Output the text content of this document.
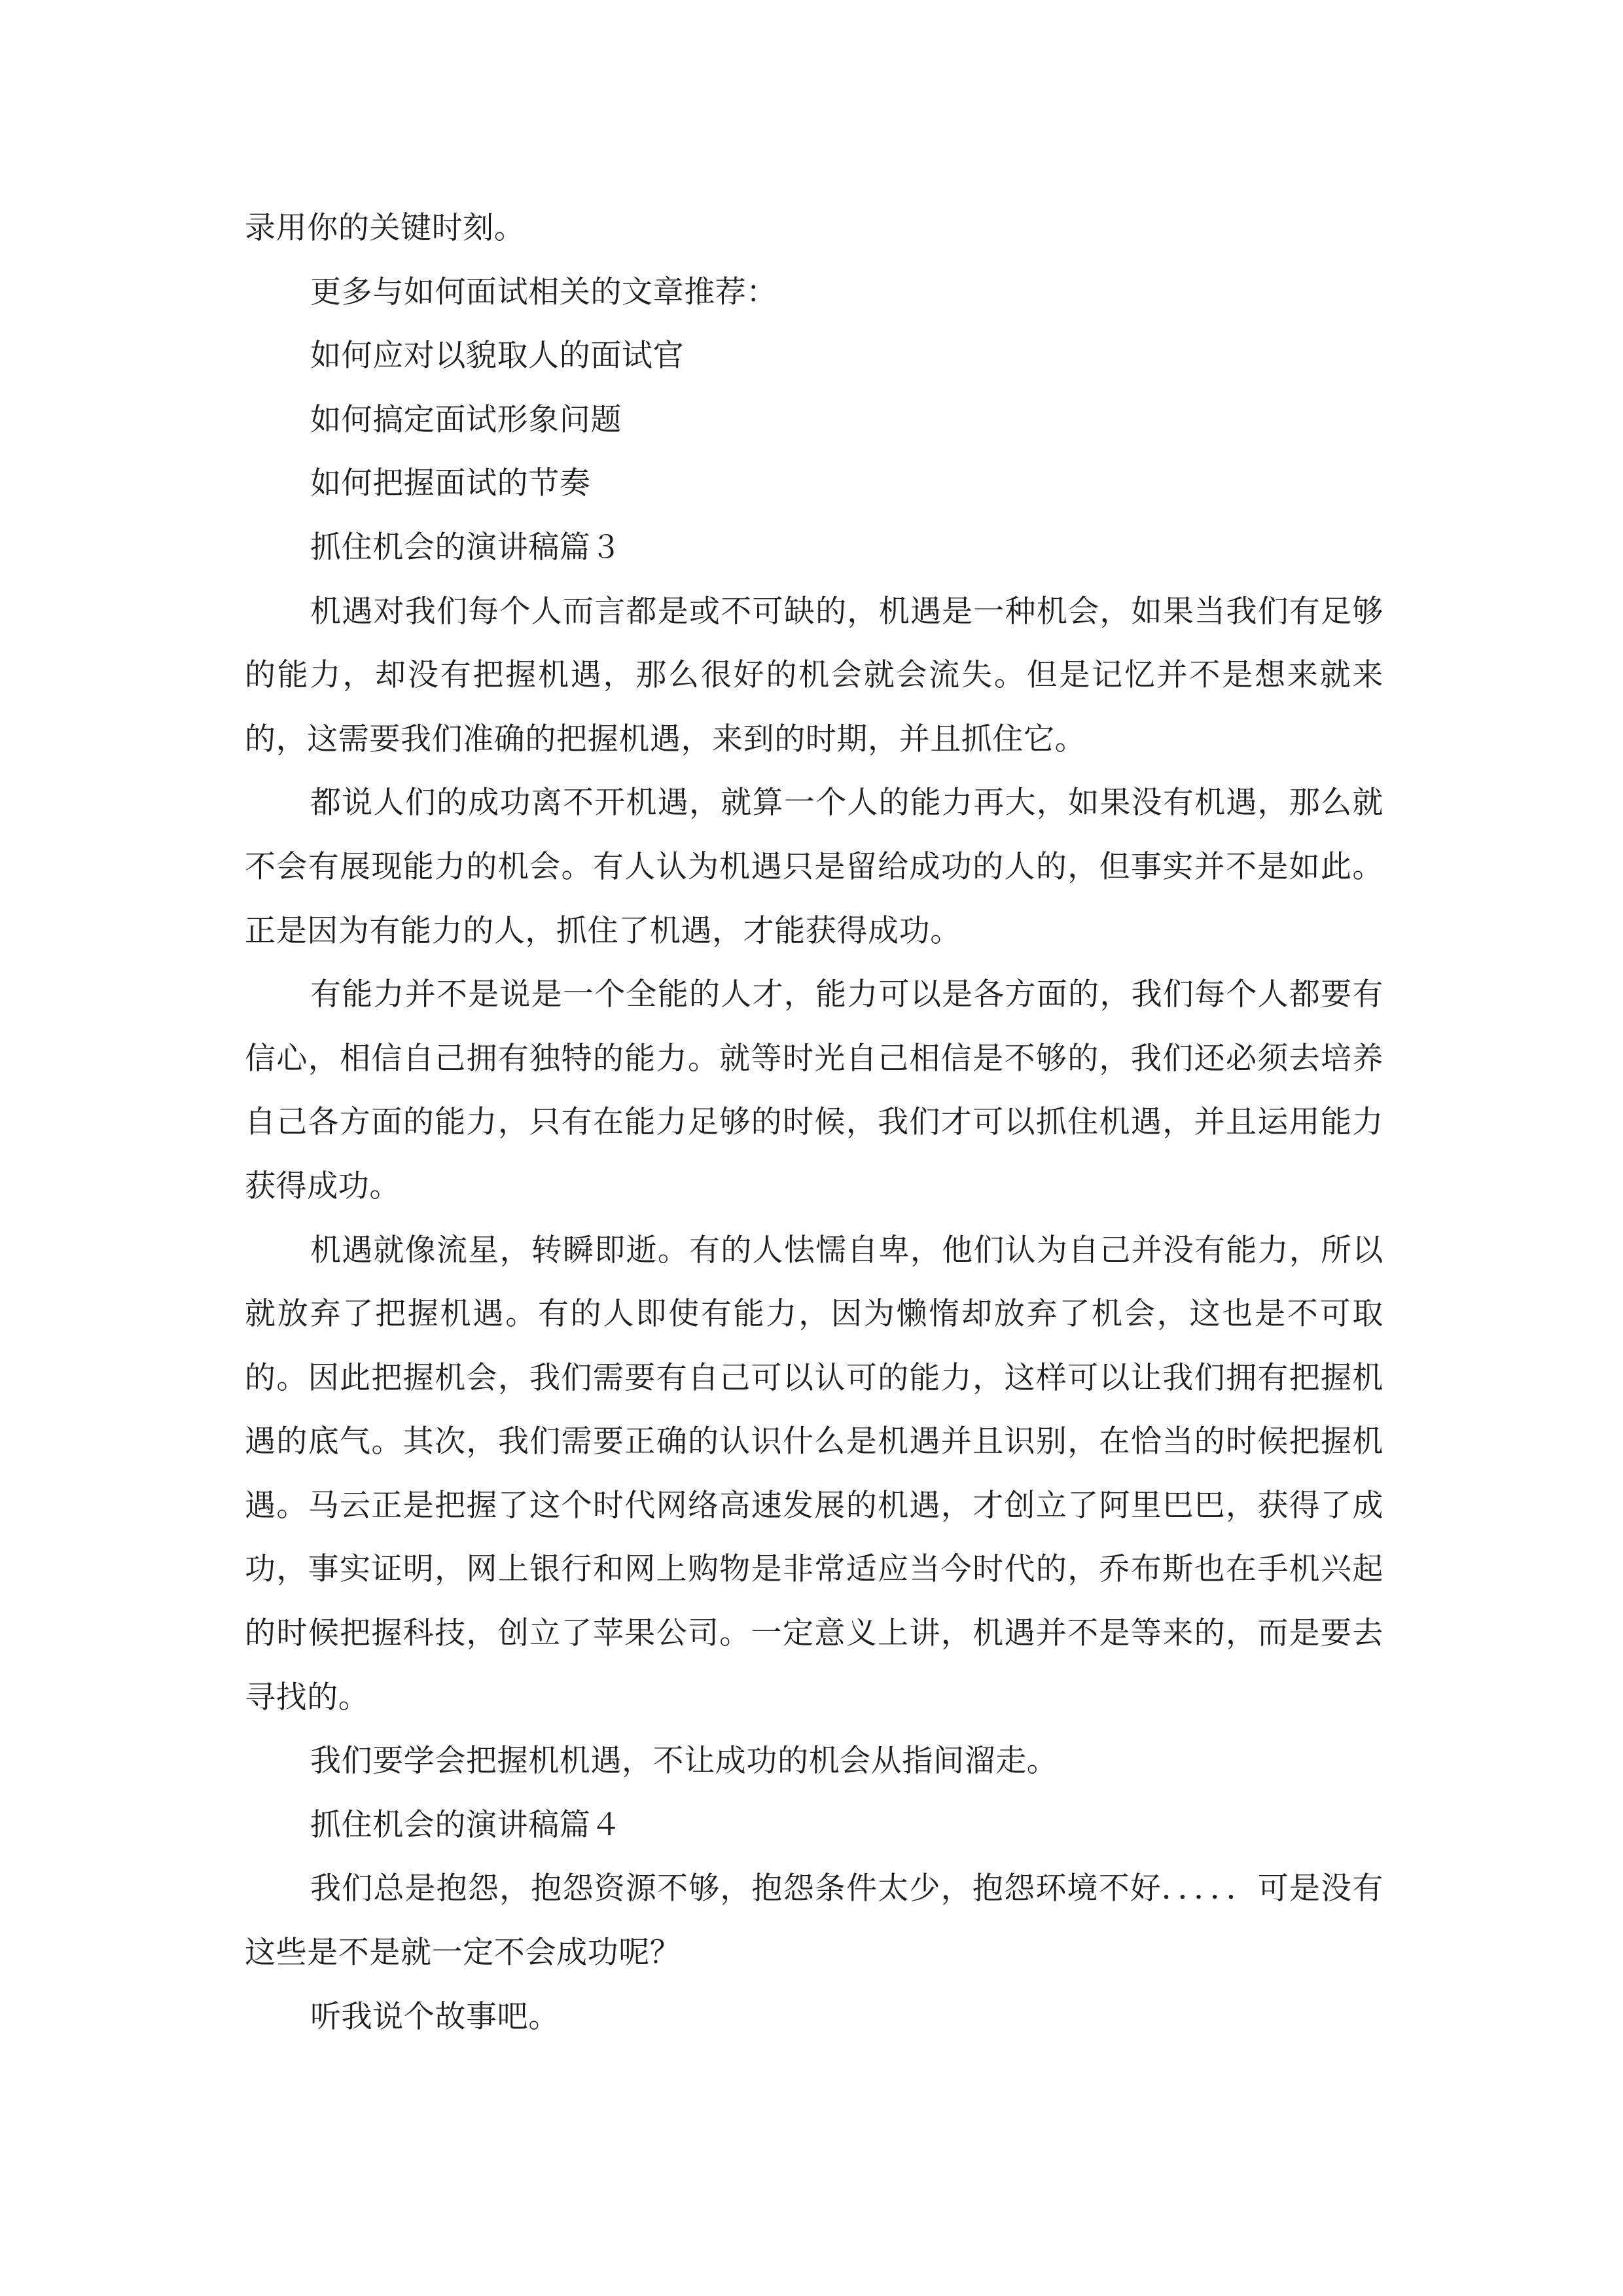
录用你的关键时刻。

更多与如何面试相关的文章推荐：

如何应对以貌取人的面试官

如何搞定面试形象问题

如何把握面试的节奏

抓住机会的演讲稿篇３

机遇对我们每个人而言都是或不可缺的，机遇是一种机会，如果当我们有足够的能力，却没有把握机遇，那么很好的机会就会流失。但是记忆并不是想来就来的，这需要我们准确的把握机遇，来到的时期，并且抓住它。

都说人们的成功离不开机遇，就算一个人的能力再大，如果没有机遇，那么就不会有展现能力的机会。有人认为机遇只是留给成功的人的，但事实并不是如此。正是因为有能力的人，抓住了机遇，才能获得成功。

有能力并不是说是一个全能的人才，能力可以是各方面的，我们每个人都要有信心，相信自己拥有独特的能力。就等时光自己相信是不够的，我们还必须去培养自己各方面的能力，只有在能力足够的时候，我们才可以抓住机遇，并且运用能力获得成功。

机遇就像流星，转瞬即逝。有的人怯懦自卑，他们认为自己并没有能力，所以就放弃了把握机遇。有的人即使有能力，因为懒惰却放弃了机会，这也是不可取的。因此把握机会，我们需要有自己可以认可的能力，这样可以让我们拥有把握机遇的底气。其次，我们需要正确的认识什么是机遇并且识别，在恰当的时候把握机遇。马云正是把握了这个时代网络高速发展的机遇，才创立了阿里巴巴，获得了成功，事实证明，网上银行和网上购物是非常适应当今时代的，乔布斯也在手机兴起的时候把握科技，创立了苹果公司。一定意义上讲，机遇并不是等来的，而是要去寻找的。

我们要学会把握机机遇，不让成功的机会从指间溜走。

抓住机会的演讲稿篇４

我们总是抱怨，抱怨资源不够，抱怨条件太少，抱怨环境不好．．．．．可是没有这些是不是就一定不会成功呢？

听我说个故事吧。
